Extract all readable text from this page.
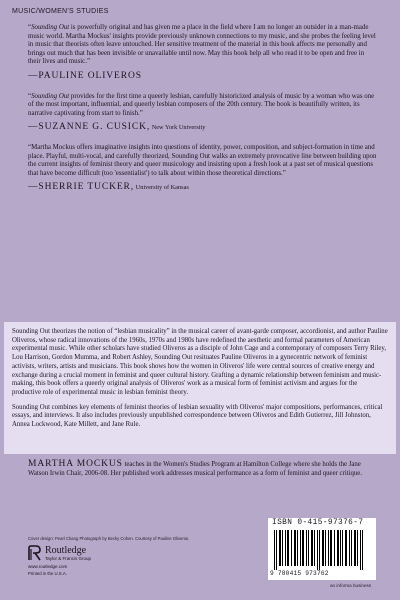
MUSIC/WOMEN'S STUDIES

“Sounding Out is powerfully original and has given me a place in the field where I am no longer an outsider in a man-made music world. Martha Mockus' insights provide previously unknown connections to my music, and she probes the feeling level in music that theorists often leave untouched. Her sensitive treatment of the material in this book affects me personally and brings out much that has been invisible or unavailable until now. May this book help all who read it to be open and free in their lives and music.”

—PAULINE OLIVEROS

“Sounding Out provides for the first time a queerly lesbian, carefully historicized analysis of music by a woman who was one of the most important, influential, and queerly lesbian composers of the 20th century. The book is beautifully written, its narrative captivating from start to finish.”

—SUZANNE G. CUSICK, New York University

“Martha Mockus offers imaginative insights into questions of identity, power, composition, and subject-formation in time and place. Playful, multi-vocal, and carefully theorized, Sounding Out walks an extremely provocative line between building upon the current insights of feminist theory and queer musicology and insisting upon a fresh look at a past set of musical questions that have become difficult (too 'essentialist') to talk about within those theoretical directions.”

—SHERRIE TUCKER, University of Kansas

Sounding Out theorizes the notion of “lesbian musicality” in the musical career of avant-garde composer, accordionist, and author Pauline Oliveros, whose radical innovations of the 1960s, 1970s and 1980s have redefined the aesthetic and formal parameters of American experimental music. While other scholars have studied Oliveros as a disciple of John Cage and a contemporary of composers Terry Riley, Lou Harrison, Gordon Mumma, and Robert Ashley, Sounding Out resituates Pauline Oliveros in a gynecentric network of feminist activists, writers, artists and musicians. This book shows how the women in Oliveros' life were central sources of creative energy and exchange during a crucial moment in feminist and queer cultural history. Grafting a dynamic relationship between feminism and music-making, this book offers a queerly original analysis of Oliveros' work as a musical form of feminist activism and argues for the productive role of experimental music in lesbian feminist theory.

Sounding Out combines key elements of feminist theories of lesbian sexuality with Oliveros' major compositions, performances, critical essays, and interviews. It also includes previously unpublished correspondence between Oliveros and Edith Gutierrez, Jill Johnston, Annea Lockwood, Kate Millett, and Jane Rule.

MARTHA MOCKUS teaches in the Women's Studies Program at Hamilton College where she holds the Jane Watson Irwin Chair, 2006-08. Her published work addresses musical performance as a form of feminist and queer critique.

Cover design: Pearl Chang Photograph by Becky Cohen. Courtesy of Pauline Oliveros.
Routledge
Taylor & Francis Group
www.routledge.com
Printed in the U.S.A.
ISBN 0-415-97376-7
9 780415 973762
an informa business
